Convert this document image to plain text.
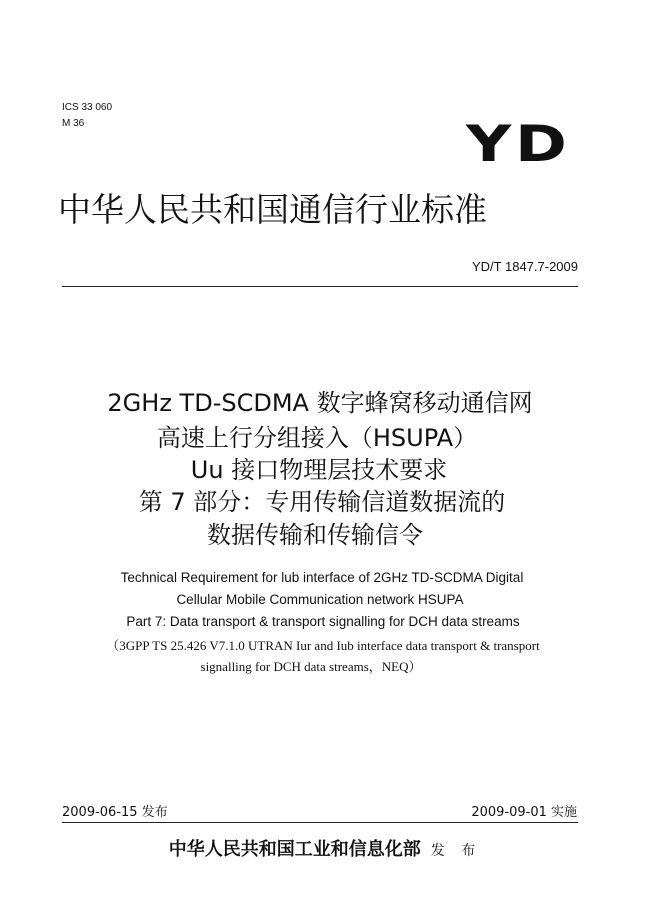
ICS 33 060
M 36	YD
中华人民共和国通信行业标准
YD/T 1847.7-2009
2GHz TD-SCDMA 数字蜂窝移动通信网
高速上行分组接入（HSUPA）
Uu 接口物理层技术要求
第 7 部分：专用传输信道数据流的
数据传输和传输信令
Technical Requirement for lub interface of 2GHz TD-SCDMA Digital
Cellular Mobile Communication network HSUPA
Part 7: Data transport & transport signalling for DCH data streams
（3GPP TS 25.426 V7.1.0 UTRAN Iur and Iub interface data transport & transport
signalling for DCH data streams，NEQ）
2009-06-15 发布	2009-09-01 实施
中华人民共和国工业和信息化部 发 布
